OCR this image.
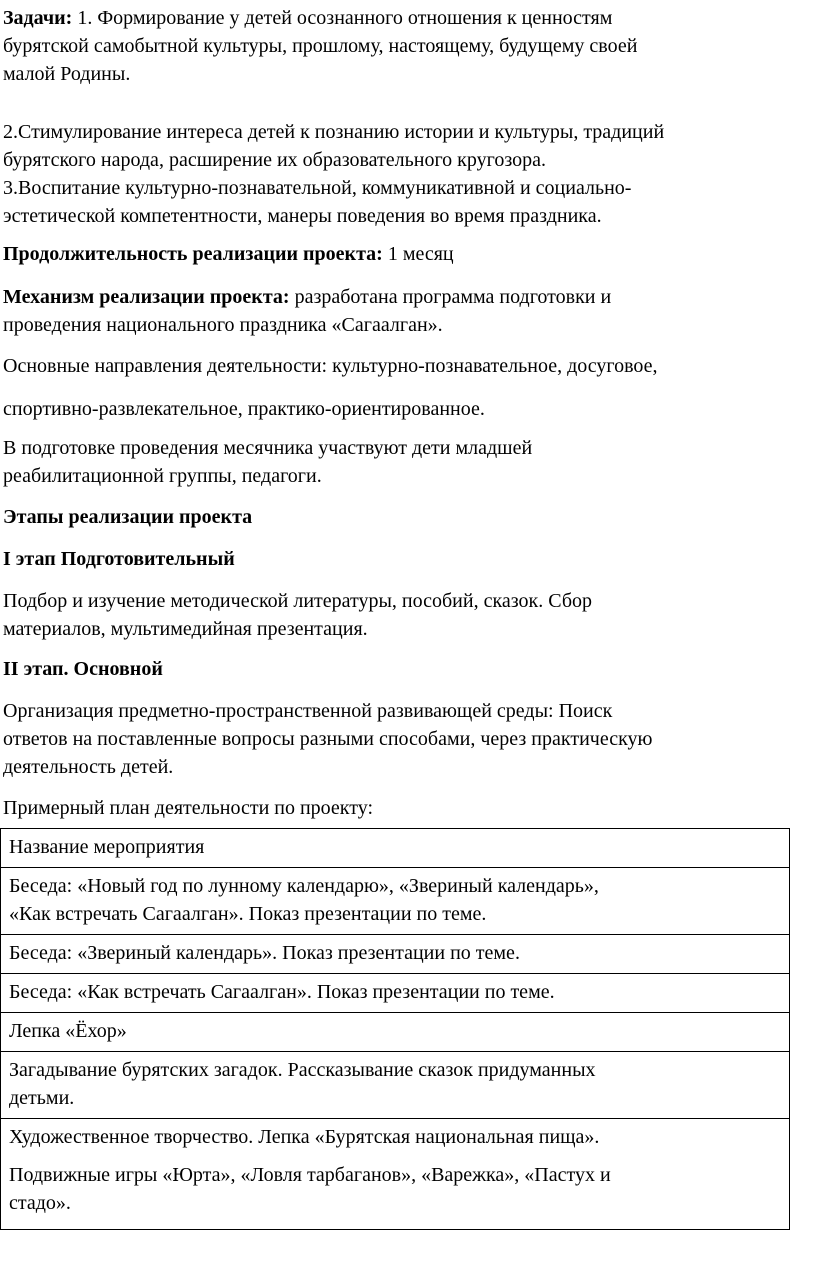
Задачи: 1. Формирование у детей осознанного отношения к ценностям
бурятской самобытной культуры, прошлому, настоящему, будущему своей
малой Родины.

2.Стимулирование интереса детей к познанию истории и культуры, традиций
бурятского народа, расширение их образовательного кругозора.
3.Воспитание культурно-познавательной, коммуникативной и социально-
эстетической компетентности, манеры поведения во время праздника.

Продолжительность реализации проекта: 1 месяц

Механизм реализации проекта: разработана программа подготовки и
проведения национального праздника «Сагаалган».

Основные направления деятельности: культурно-познавательное, досуговое,

спортивно-развлекательное, практико-ориентированное.

В подготовке проведения месячника участвуют дети младшей
реабилитационной группы, педагоги.

Этапы реализации проекта

I этап Подготовительный

Подбор и изучение методической литературы, пособий, сказок. Сбор
материалов, мультимедийная презентация.

II этап. Основной

Организация предметно-пространственной развивающей среды: Поиск
ответов на поставленные вопросы разными способами, через практическую
деятельность детей.

Примерный план деятельности по проекту:

Название мероприятия

Беседа: «Новый год по лунному календарю», «Звериный календарь»,
«Как встречать Сагаалган». Показ презентации по теме.

Беседа: «Звериный календарь». Показ презентации по теме.

Беседа: «Как встречать Сагаалган». Показ презентации по теме.

Лепка «Ёхор»

Загадывание бурятских загадок. Рассказывание сказок придуманных
детьми.

Художественное творчество. Лепка «Бурятская национальная пища».
Подвижные игры «Юрта», «Ловля тарбаганов», «Варежка», «Пастух и
стадо».
